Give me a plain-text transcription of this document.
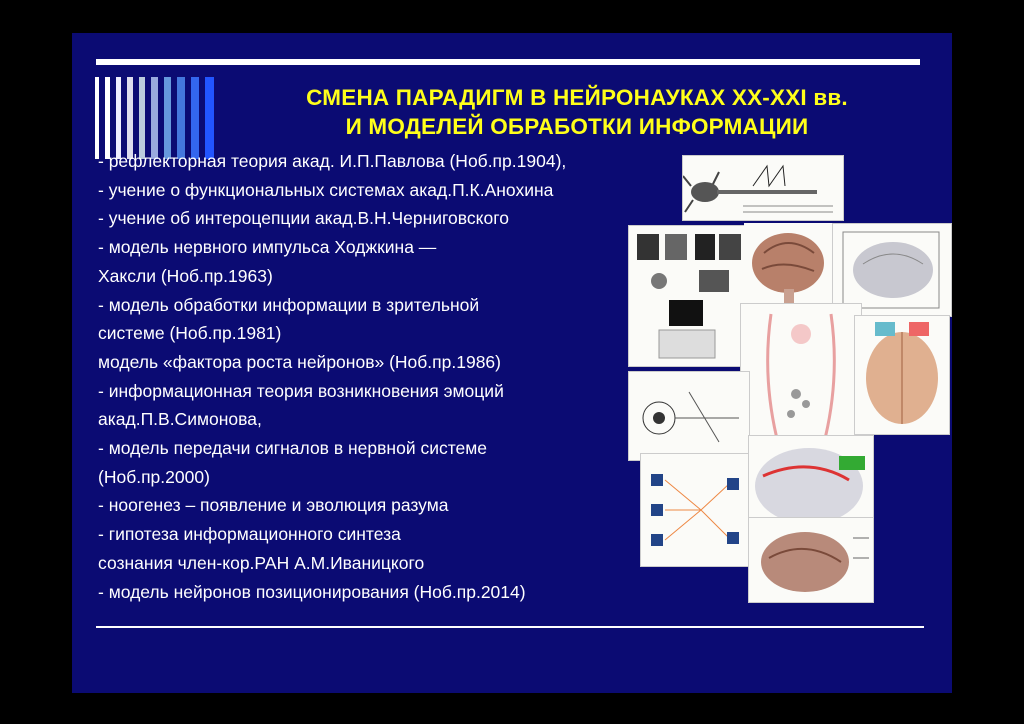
СМЕНА ПАРАДИГМ В НЕЙРОНАУКАХ XX-XXI вв.
И МОДЕЛЕЙ ОБРАБОТКИ ИНФОРМАЦИИ
- рефлекторная теория акад. И.П.Павлова (Ноб.пр.1904),
- учение о функциональных системах акад.П.К.Анохина
- учение об интероцепции акад.В.Н.Черниговского
- модель нервного импульса Ходжкина —
Хаксли (Ноб.пр.1963)
- модель обработки информации в зрительной
системе (Ноб.пр.1981)
модель «фактора роста нейронов» (Ноб.пр.1986)
- информационная теория возникновения эмоций
акад.П.В.Симонова,
- модель передачи сигналов в нервной системе
(Ноб.пр.2000)
- ноогенез – появление и эволюция разума
- гипотеза информационного синтеза
сознания член-кор.РАН А.М.Иваницкого
- модель нейронов позиционирования (Ноб.пр.2014)
